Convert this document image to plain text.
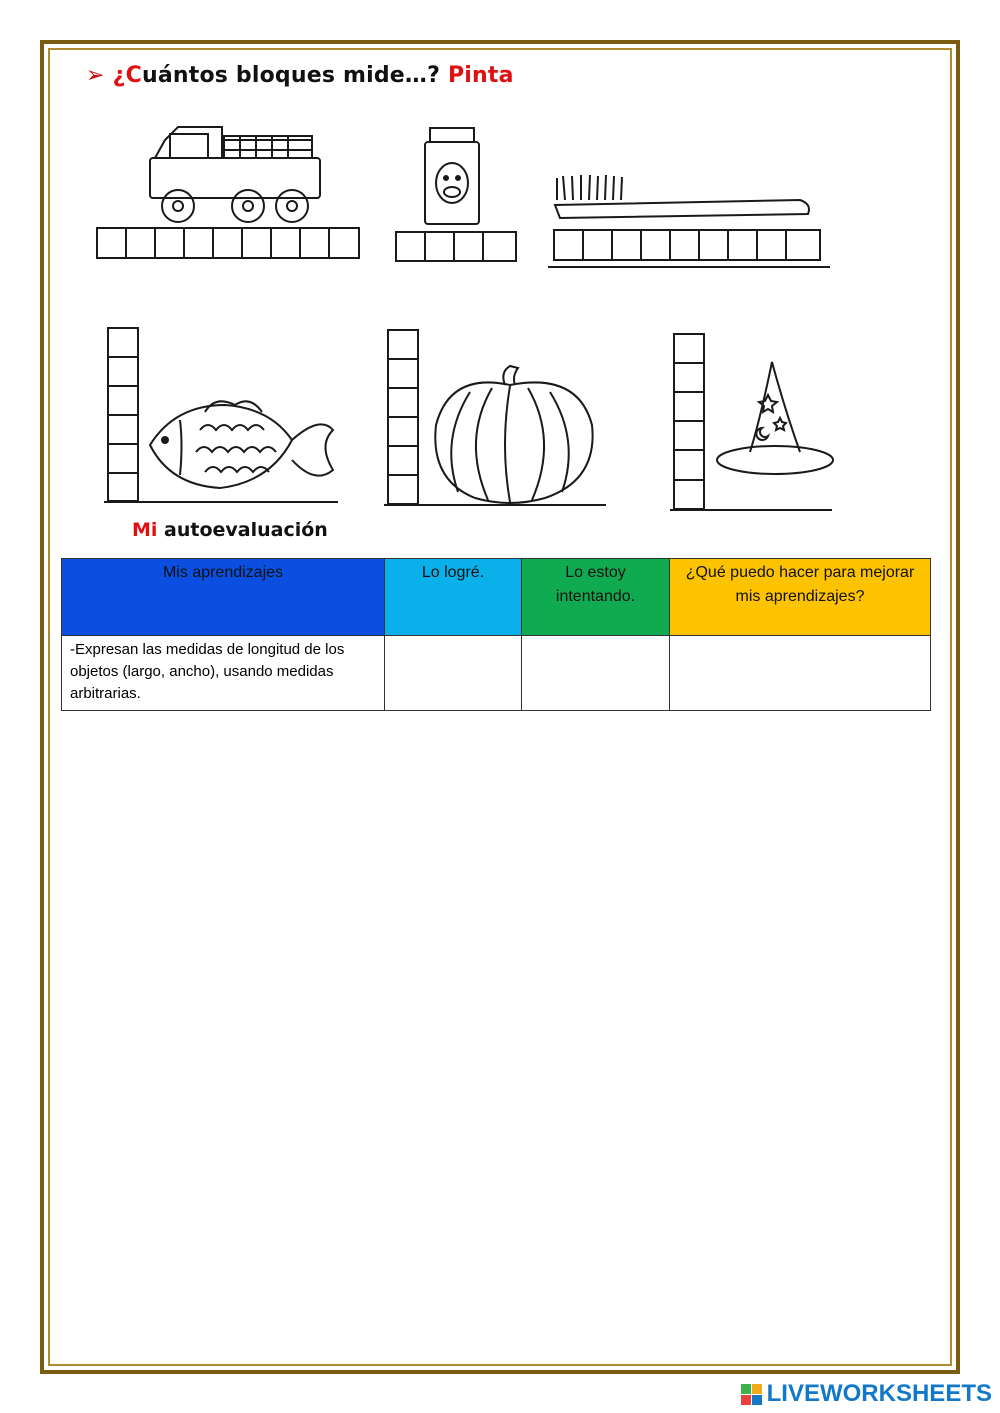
➢ ¿Cuántos bloques mide…? Pinta
Mi autoevaluación
Mis aprendizajes	Lo logré.	Lo estoy intentando.	¿Qué puedo hacer para mejorar mis aprendizajes?
-Expresan las medidas de longitud de los objetos (largo, ancho), usando medidas arbitrarias.			
LIVEWORKSHEETS
